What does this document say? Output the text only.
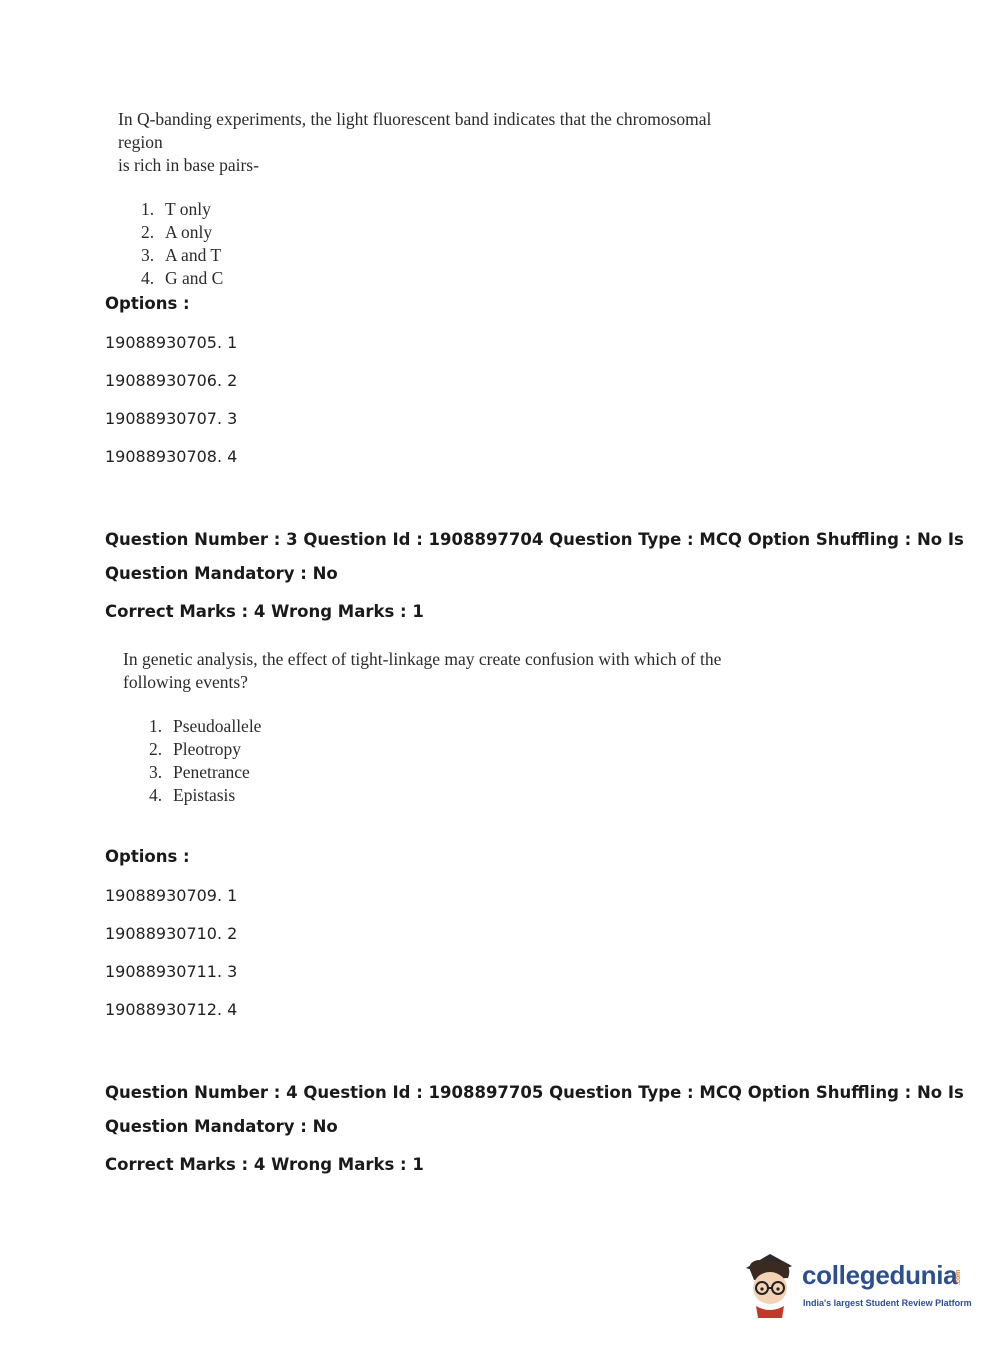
In Q-banding experiments, the light fluorescent band indicates that the chromosomal region
is rich in base pairs-
1. T only
2. A only
3. A and T
4. G and C
Options :
19088930705. 1
19088930706. 2
19088930707. 3
19088930708. 4
Question Number : 3 Question Id : 1908897704 Question Type : MCQ Option Shuffling : No Is
Question Mandatory : No
Correct Marks : 4 Wrong Marks : 1
In genetic analysis, the effect of tight-linkage may create confusion with which of the
following events?
1. Pseudoallele
2. Pleotropy
3. Penetrance
4. Epistasis
Options :
19088930709. 1
19088930710. 2
19088930711. 3
19088930712. 4
Question Number : 4 Question Id : 1908897705 Question Type : MCQ Option Shuffling : No Is
Question Mandatory : No
Correct Marks : 4 Wrong Marks : 1
collegedunia.com
India's largest Student Review Platform
